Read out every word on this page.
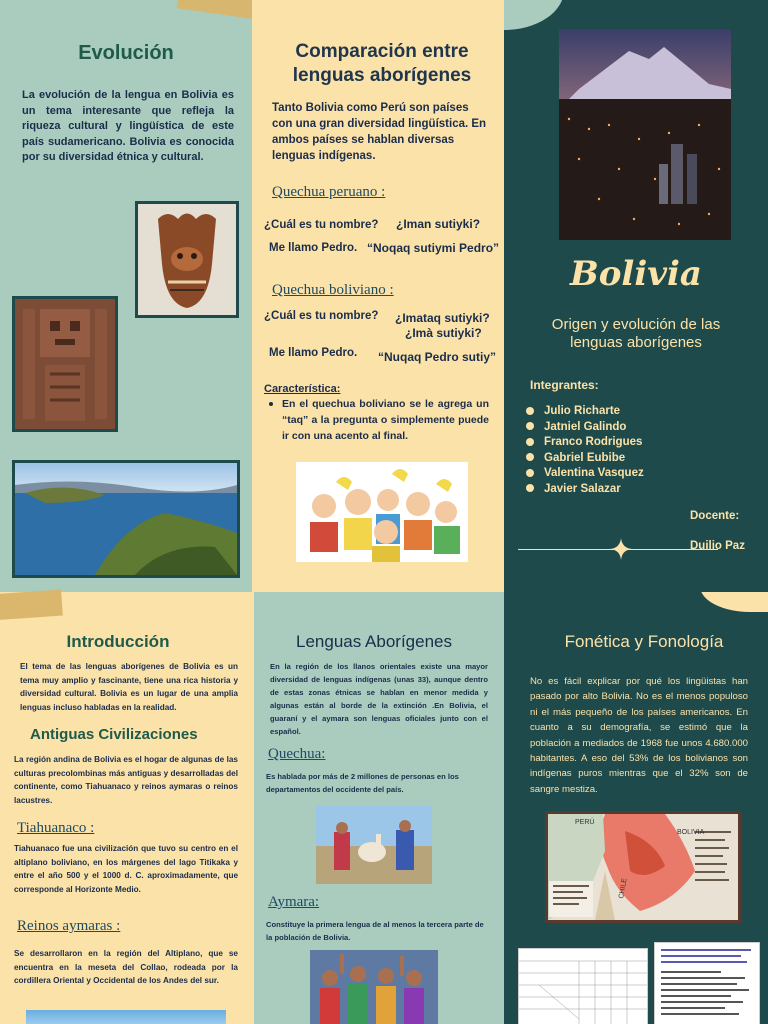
Evolución
La evolución de la lengua en Bolivia es un tema interesante que refleja la riqueza cultural y lingüística de este país sudamericano. Bolivia es conocida por su diversidad étnica y cultural.
Comparación entre lenguas aborígenes
Tanto Bolivia como Perú son países con una gran diversidad lingüística. En ambos países se hablan diversas lenguas indígenas.
Quechua peruano :
¿Cuál es tu nombre? ¿Iman sutiyki?
Me llamo Pedro. “Noqaq sutiymi Pedro”
Quechua boliviano :
¿Cuál es tu nombre? ¿Imataq sutiyki?
¿Imà sutiyki?
Me llamo Pedro. “Nuqaq Pedro sutiy”
Característica:
En el quechua boliviano se le agrega un “taq” a la pregunta o simplemente puede ir con una acento al final.
Bolivia
Origen y evolución de las lenguas aborígenes
Integrantes:
Julio Richarte
Jatniel Galindo
Franco Rodrigues
Gabriel Eubibe
Valentina Vasquez
Javier Salazar
Docente:
Duilio Paz
Introducción
El tema de las lenguas aborígenes de Bolivia es un tema muy amplio y fascinante, tiene una rica historia y diversidad cultural. Bolivia es un lugar de una amplia lenguas incluso habladas en la realidad.
Antiguas Civilizaciones
La región andina de Bolivia es el hogar de algunas de las culturas precolombinas más antiguas y desarrolladas del continente, como Tiahuanaco y reinos aymaras o reinos lacustres.
Tiahuanaco :
Tiahuanaco fue una civilización que tuvo su centro en el altiplano boliviano, en los márgenes del lago Titikaka y entre el año 500 y el 1000 d. C. aproximadamente, que corresponde al Horizonte Medio.
Reinos aymaras :
Se desarrollaron en la región del Altiplano, que se encuentra en la meseta del Collao, rodeada por la cordillera Oriental y Occidental de los Andes del sur.
Lenguas Aborígenes
En la región de los llanos orientales existe una mayor diversidad de lenguas indígenas (unas 33), aunque dentro de estas zonas étnicas se hablan en menor medida y algunas están al borde de la extinción .En Bolivia, el guaraní y el aymara son lenguas oficiales junto con el español.
Quechua:
Es hablada por más de 2 millones de personas en los departamentos del occidente del país.
Aymara:
Constituye la primera lengua de al menos la tercera parte de la población de Bolivia.
Fonética y Fonología
No es fácil explicar por qué los lingüistas han pasado por alto Bolivia. No es el menos populoso ni el más pequeño de los países americanos. En cuanto a su demografía, se estimó que la población a mediados de 1968 fue unos 4.680.000 habitantes. A eso del 53% de los bolivianos son indígenas puros mientras que el 32% son de sangre mestiza.
PERÚ
BOLIVIA
CHILE
